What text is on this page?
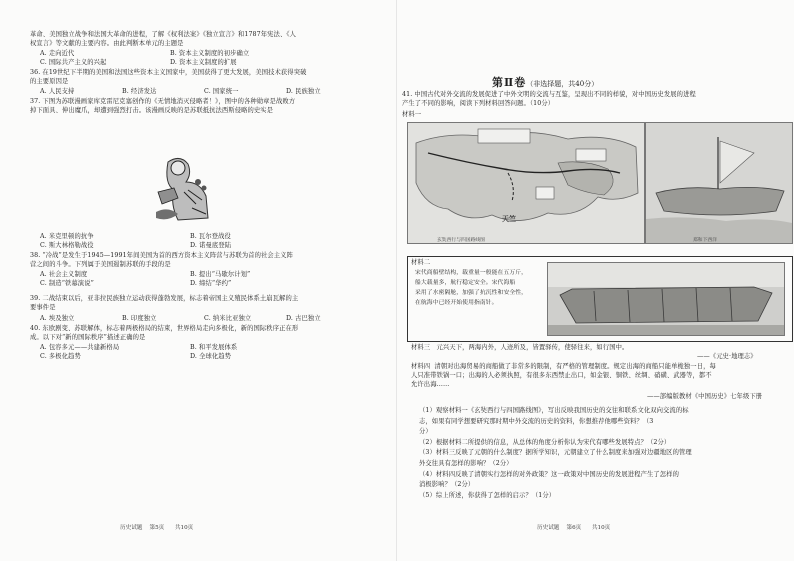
革命、美国独立战争和法国大革命的进程，了解《权利法案》《独立宣言》和1787年宪法、《人
权宣言》等文献的主要内容。由此判断本单元的主题是
A. 走向近代	B. 资本主义制度的初步确立
C. 国际共产主义的兴起	D. 资本主义制度的扩展
36. 在19世纪下半期的美国和法国这些资本主义国家中，美国获得了更大发展，美国技术获得突破
的主要原因是
A. 人民支持	B. 经济发达	C. 国家统一	D. 民族独立
37. 下图为苏联漫画家库克雷尼克塞创作的《无情地消灭侵略者！》，图中的各种勋章是战败方
掉下面具、伸出魔爪，却遭到强烈打击。该漫画反映的是苏联抵抗法西斯侵略的史实是
A. 米克里顿的抗争	B. 瓦尔登战役
C. 斯大林格勒战役	D. 诺曼底登陆
38. “冷战”是发生于1945—1991年间美国为首的西方资本主义阵营与苏联为首的社会主义阵
营之间的斗争。下列属于美国遏制苏联的手段的是
A. 社会主义制度	B. 提出“马歇尔计划”
C. 制造“铁幕演说”	D. 缔结“华约”
39. 二战结束以后，亚非拉民族独立运动获得蓬勃发展，标志着帝国主义殖民体系土崩瓦解的主
要事件是
A. 埃及独立	B. 印度独立	C. 纳米比亚独立	D. 古巴独立
40. 东欧剧变、苏联解体，标志着两极格局的结束，世界格局走向多极化，新的国际秩序正在形
成。以下对“新的国际秩序”描述正确的是
A. 包容多元——共建新格局	B. 和平发展体系
C. 多极化趋势	D. 全球化趋势
历史试题 第5页 共10页
第Ⅱ卷（非选择题，共40分）
41. 中国古代对外交流的发展促进了中外文明的交流与互鉴，呈现出不同的样貌，对中国历史发展的进程
产生了不同的影响，阅读下列材料回答问题。（10分）
材料一
天竺
玄奘西行与四国路线图	郑和下西洋
材料二
宋代商船壁结构，载重量一般能在五万斤，
船大载量多，航行稳定安全。宋代海船
采用了水密隔舱，加强了抗沉性和安全性，
在航海中已经开始使用指南针。
材料三 元兴天下，两海内外，人迹所及，皆置驿传，使驿往来，如行国中。
——《元史·地理志》
材料四 清朝对出海贸易的商船做了非常多的限制，有严格的管理制度。规定出海的商船只能单桅独一日，每
人只准带铁锅一口；出海的人必须执照，有很多东西禁止出口，如金银、铜铁、丝绸、硝磺、武器等，都不
允许出海……
——部编版教材《中国历史》七年级下册
（1）观察材料一《玄奘西行与四国路线图》，写出反映我国历史的交往和联系文化双向交流的标
志，如果有同学想要研究那时期中外交流的历史的资料，你想推荐他哪些资料？（3
分）
（2）根据材料二所提供的信息，从总体的角度分析你认为宋代有哪些发展特点？（2分）
（3）材料三反映了元朝的什么制度？据所学知识，元朝建立了什么制度来加强对边疆地区的管理
外交往具有怎样的影响？（2分）
（4）材料四反映了清朝实行怎样的对外政策？这一政策对中国历史的发展进程产生了怎样的
消极影响？（2分）
（5）综上所述，你获得了怎样的启示？（1分）
历史试题 第6页 共10页
